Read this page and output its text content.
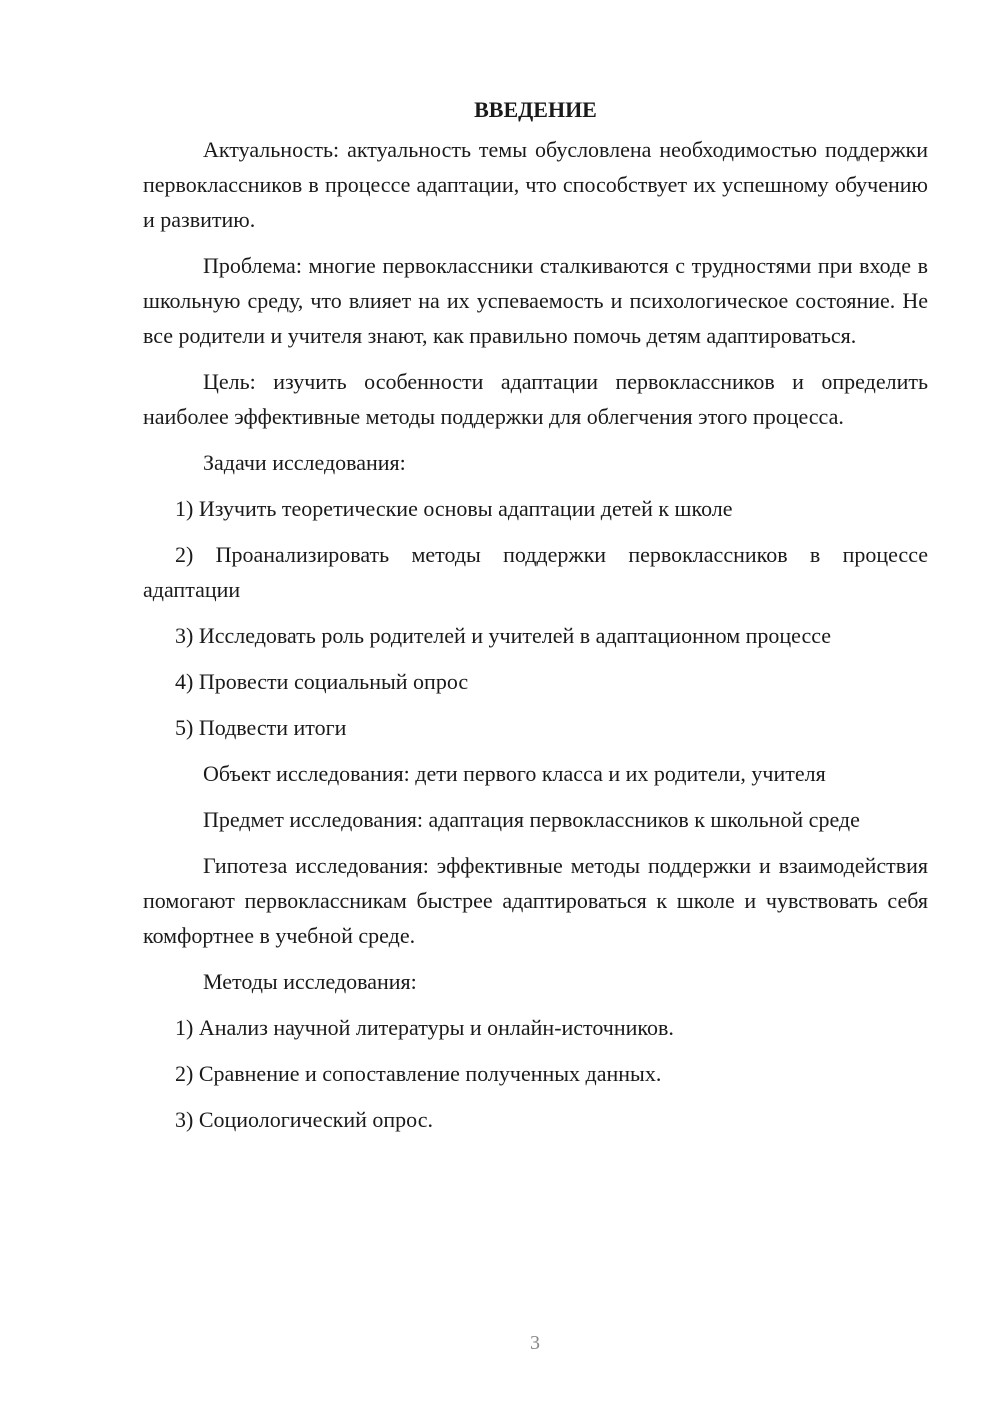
ВВЕДЕНИЕ

Актуальность: актуальность темы обусловлена необходимостью поддержки первоклассников в процессе адаптации, что способствует их успешному обучению и развитию.

Проблема: многие первоклассники сталкиваются с трудностями при входе в школьную среду, что влияет на их успеваемость и психологическое состояние. Не все родители и учителя знают, как правильно помочь детям адаптироваться.

Цель: изучить особенности адаптации первоклассников и определить наиболее эффективные методы поддержки для облегчения этого процесса.

Задачи исследования:

1) Изучить теоретические основы адаптации детей к школе

2) Проанализировать методы поддержки первоклассников в процессе адаптации

3) Исследовать роль родителей и учителей в адаптационном процессе

4) Провести социальный опрос

5) Подвести итоги

Объект исследования: дети первого класса и их родители, учителя

Предмет исследования: адаптация первоклассников к школьной среде

Гипотеза исследования: эффективные методы поддержки и взаимодействия помогают первоклассникам быстрее адаптироваться к школе и чувствовать себя комфортнее в учебной среде.

Методы исследования:

1) Анализ научной литературы и онлайн-источников.

2) Сравнение и сопоставление полученных данных.

3) Социологический опрос.

3
